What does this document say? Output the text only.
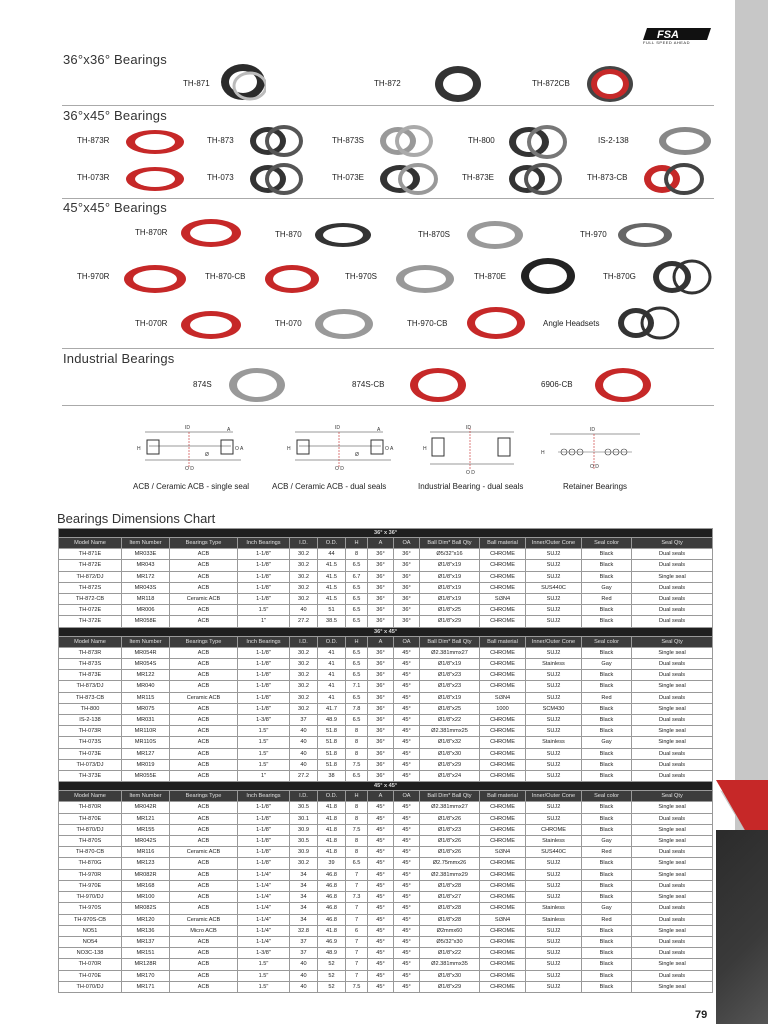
FSA
FULL SPEED AHEAD
36°x36° Bearings
TH-871	TH-872	TH-872CB
36°x45° Bearings
TH-873R	TH-873	TH-873S	TH-800	IS-2-138
TH-073R	TH-073	TH-073E	TH-873E	TH-873-CB
45°x45° Bearings
TH-870R	TH-870	TH-870S	TH-970
TH-970R	TH-870-CB	TH-970S	TH-870E	TH-870G
TH-070R	TH-070	TH-970-CB	Angle Headsets
Industrial Bearings
874S	874S-CB	6906-CB
ID	A
H	O A
O D
Ø
ID	A
H	O A
O D
Ø
ID
O D
H
ID
O D
H
ACB / Ceramic ACB - single seal	ACB / Ceramic ACB - dual seals	Industrial Bearing - dual seals	Retainer Bearings
Bearings Dimensions Chart
36° x 36°													
Model Name	Item Number	Bearings Type	Inch Bearings	I.D.	O.D.	H	A	OA	Ball Dim* Ball Qty	Ball material	Inner/Outer Cone	Seal color	Seal Qty
TH-871E	MR033E	ACB	1-1/8"	30.2	44	8	36°	36°	Ø5/32"x16	CHROME	SUJ2	Black	Dual seals
TH-872E	MR043	ACB	1-1/8"	30.2	41.5	6.5	36°	36°	Ø1/8"x19	CHROME	SUJ2	Black	Dual seals
TH-872/DJ	MR172	ACB	1-1/8"	30.2	41.5	6.7	36°	36°	Ø1/8"x19	CHROME	SUJ2	Black	Single seal
TH-872S	MR043S	ACB	1-1/8"	30.2	41.5	6.5	36°	36°	Ø1/8"x19	CHROME	SUS440C	Gay	Dual seals
TH-872-CB	MR118	Ceramic ACB	1-1/8"	30.2	41.5	6.5	36°	36°	Ø1/8"x19	Si3N4	SUJ2	Red	Dual seals
TH-072E	MR006	ACB	1.5"	40	51	6.5	36°	36°	Ø1/8"x25	CHROME	SUJ2	Black	Dual seals
TH-372E	MR058E	ACB	1"	27.2	38.5	6.5	36°	36°	Ø1/8"x29	CHROME	SUJ2	Black	Dual seals
36° x 45°													
Model Name	Item Number	Bearings Type	Inch Bearings	I.D.	O.D.	H	A	OA	Ball Dim* Ball Qty	Ball material	Inner/Outer Cone	Seal color	Seal Qty
TH-873R	MR054R	ACB	1-1/8"	30.2	41	6.5	36°	45°	Ø2.381mmx27	CHROME	SUJ2	Black	Single seal
TH-873S	MR054S	ACB	1-1/8"	30.2	41	6.5	36°	45°	Ø1/8"x19	CHROME	Stainless	Gay	Dual seals
TH-873E	MR122	ACB	1-1/8"	30.2	41	6.5	36°	45°	Ø1/8"x23	CHROME	SUJ2	Black	Dual seals
TH-873/DJ	MR040	ACB	1-1/8"	30.2	41	7.1	36°	45°	Ø1/8"x23	CHROME	SUJ2	Black	Single seal
TH-873-CB	MR115	Ceramic ACB	1-1/8"	30.2	41	6.5	36°	45°	Ø1/8"x19	Si3N4	SUJ2	Red	Dual seals
TH-800	MR075	ACB	1-1/8"	30.2	41.7	7.8	36°	45°	Ø1/8"x25	1000	SCM430	Black	Single seal
IS-2-138	MR031	ACB	1-3/8"	37	48.9	6.5	36°	45°	Ø1/8"x22	CHROME	SUJ2	Black	Dual seals
TH-073R	MR110R	ACB	1.5"	40	51.8	8	36°	45°	Ø2.381mmx25	CHROME	SUJ2	Black	Single seal
TH-073S	MR110S	ACB	1.5"	40	51.8	8	36°	45°	Ø1/8"x32	CHROME	Stainless	Gay	Single seal
TH-073E	MR127	ACB	1.5"	40	51.8	8	36°	45°	Ø1/8"x30	CHROME	SUJ2	Black	Dual seals
TH-073/DJ	MR019	ACB	1.5"	40	51.8	7.5	36°	45°	Ø1/8"x29	CHROME	SUJ2	Black	Dual seals
TH-373E	MR055E	ACB	1"	27.2	38	6.5	36°	45°	Ø1/8"x24	CHROME	SUJ2	Black	Dual seals
45° x 45°													
Model Name	Item Number	Bearings Type	Inch Bearings	I.D.	O.D.	H	A	OA	Ball Dim* Ball Qty	Ball material	Inner/Outer Cone	Seal color	Seal Qty
TH-870R	MR042R	ACB	1-1/8"	30.5	41.8	8	45°	45°	Ø2.381mmx27	CHROME	SUJ2	Black	Single seal
TH-870E	MR121	ACB	1-1/8"	30.1	41.8	8	45°	45°	Ø1/8"x26	CHROME	SUJ2	Black	Dual seals
TH-870/DJ	MR155	ACB	1-1/8"	30.9	41.8	7.5	45°	45°	Ø1/8"x23	CHROME	CHROME	Black	Single seal
TH-870S	MR042S	ACB	1-1/8"	30.5	41.8	8	45°	45°	Ø1/8"x26	CHROME	Stainless	Gay	Single seal
TH-870-CB	MR116	Ceramic ACB	1-1/8"	30.9	41.8	8	45°	45°	Ø1/8"x26	Si3N4	SUS440C	Red	Dual seals
TH-870G	MR123	ACB	1-1/8"	30.2	39	6.5	45°	45°	Ø2.75mmx26	CHROME	SUJ2	Black	Single seal
TH-970R	MR082R	ACB	1-1/4"	34	46.8	7	45°	45°	Ø2.381mmx29	CHROME	SUJ2	Black	Single seal
TH-970E	MR168	ACB	1-1/4"	34	46.8	7	45°	45°	Ø1/8"x28	CHROME	SUJ2	Black	Dual seals
TH-970/DJ	MR100	ACB	1-1/4"	34	46.8	7.3	45°	45°	Ø1/8"x27	CHROME	SUJ2	Black	Single seal
TH-970S	MR082S	ACB	1-1/4"	34	46.8	7	45°	45°	Ø1/8"x28	CHROME	Stainless	Gay	Dual seals
TH-970S-CB	MR120	Ceramic ACB	1-1/4"	34	46.8	7	45°	45°	Ø1/8"x28	Si3N4	Stainless	Red	Dual seals
NO51	MR136	Micro ACB	1-1/4"	32.8	41.8	6	45°	45°	Ø2mmx60	CHROME	SUJ2	Black	Single seal
NO54	MR137	ACB	1-1/4"	37	46.9	7	45°	45°	Ø5/32"x30	CHROME	SUJ2	Black	Dual seals
NO3C-138	MR151	ACB	1-3/8"	37	48.9	7	45°	45°	Ø1/8"x22	CHROME	SUJ2	Black	Dual seals
TH-070R	MR128R	ACB	1.5"	40	52	7	45°	45°	Ø2.381mmx35	CHROME	SUJ2	Black	Single seal
TH-070E	MR170	ACB	1.5"	40	52	7	45°	45°	Ø1/8"x30	CHROME	SUJ2	Black	Dual seals
TH-070/DJ	MR171	ACB	1.5"	40	52	7.5	45°	45°	Ø1/8"x29	CHROME	SUJ2	Black	Single seal
79
